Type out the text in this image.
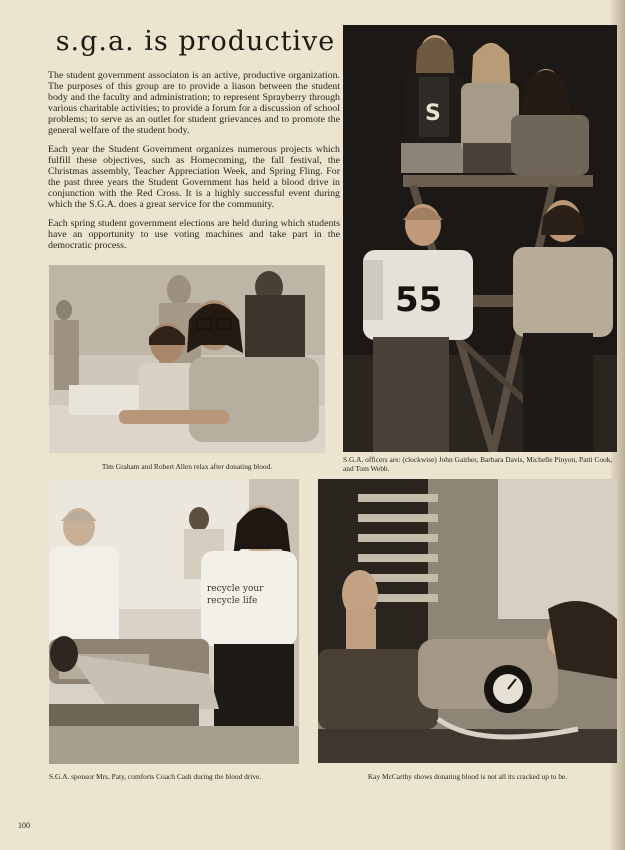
s.g.a. is productive

The student government associaton is an active, productive organization. The purposes of this group are to provide a liason between the student body and the faculty and administration; to represent Sprayberry through various charitable activities; to provide a forum for a discussion of school problems; to serve as an outlet for student grievances and to promote the general welfare of the student body.

Each year the Student Government organizes numerous projects which fulfill these objectives, such as Homecoming, the fall festival, the Christmas assembly, Teacher Appreciation Week, and Spring Fling. For the past three years the Student Government has held a blood drive in conjunction with the Red Cross. It is a highly successful event during which the S.G.A. does a great service for the community.

Each spring student government elections are held during which students have an opportunity to use voting machines and take part in the democratic process.

S
55
S.G.A. officers are: (clockwise) John Gaither, Barbara Davis, Michelle Pinyon, Patti Cook, and Tom Webb.
Tim Graham and Robert Allen relax after donating blood.
recycle your
recycle life
S.G.A. sponsor Mrs. Paty, comforts Coach Cash during the blood drive.	Kay McCarthy shows donating blood is not all its cracked up to be.
100
